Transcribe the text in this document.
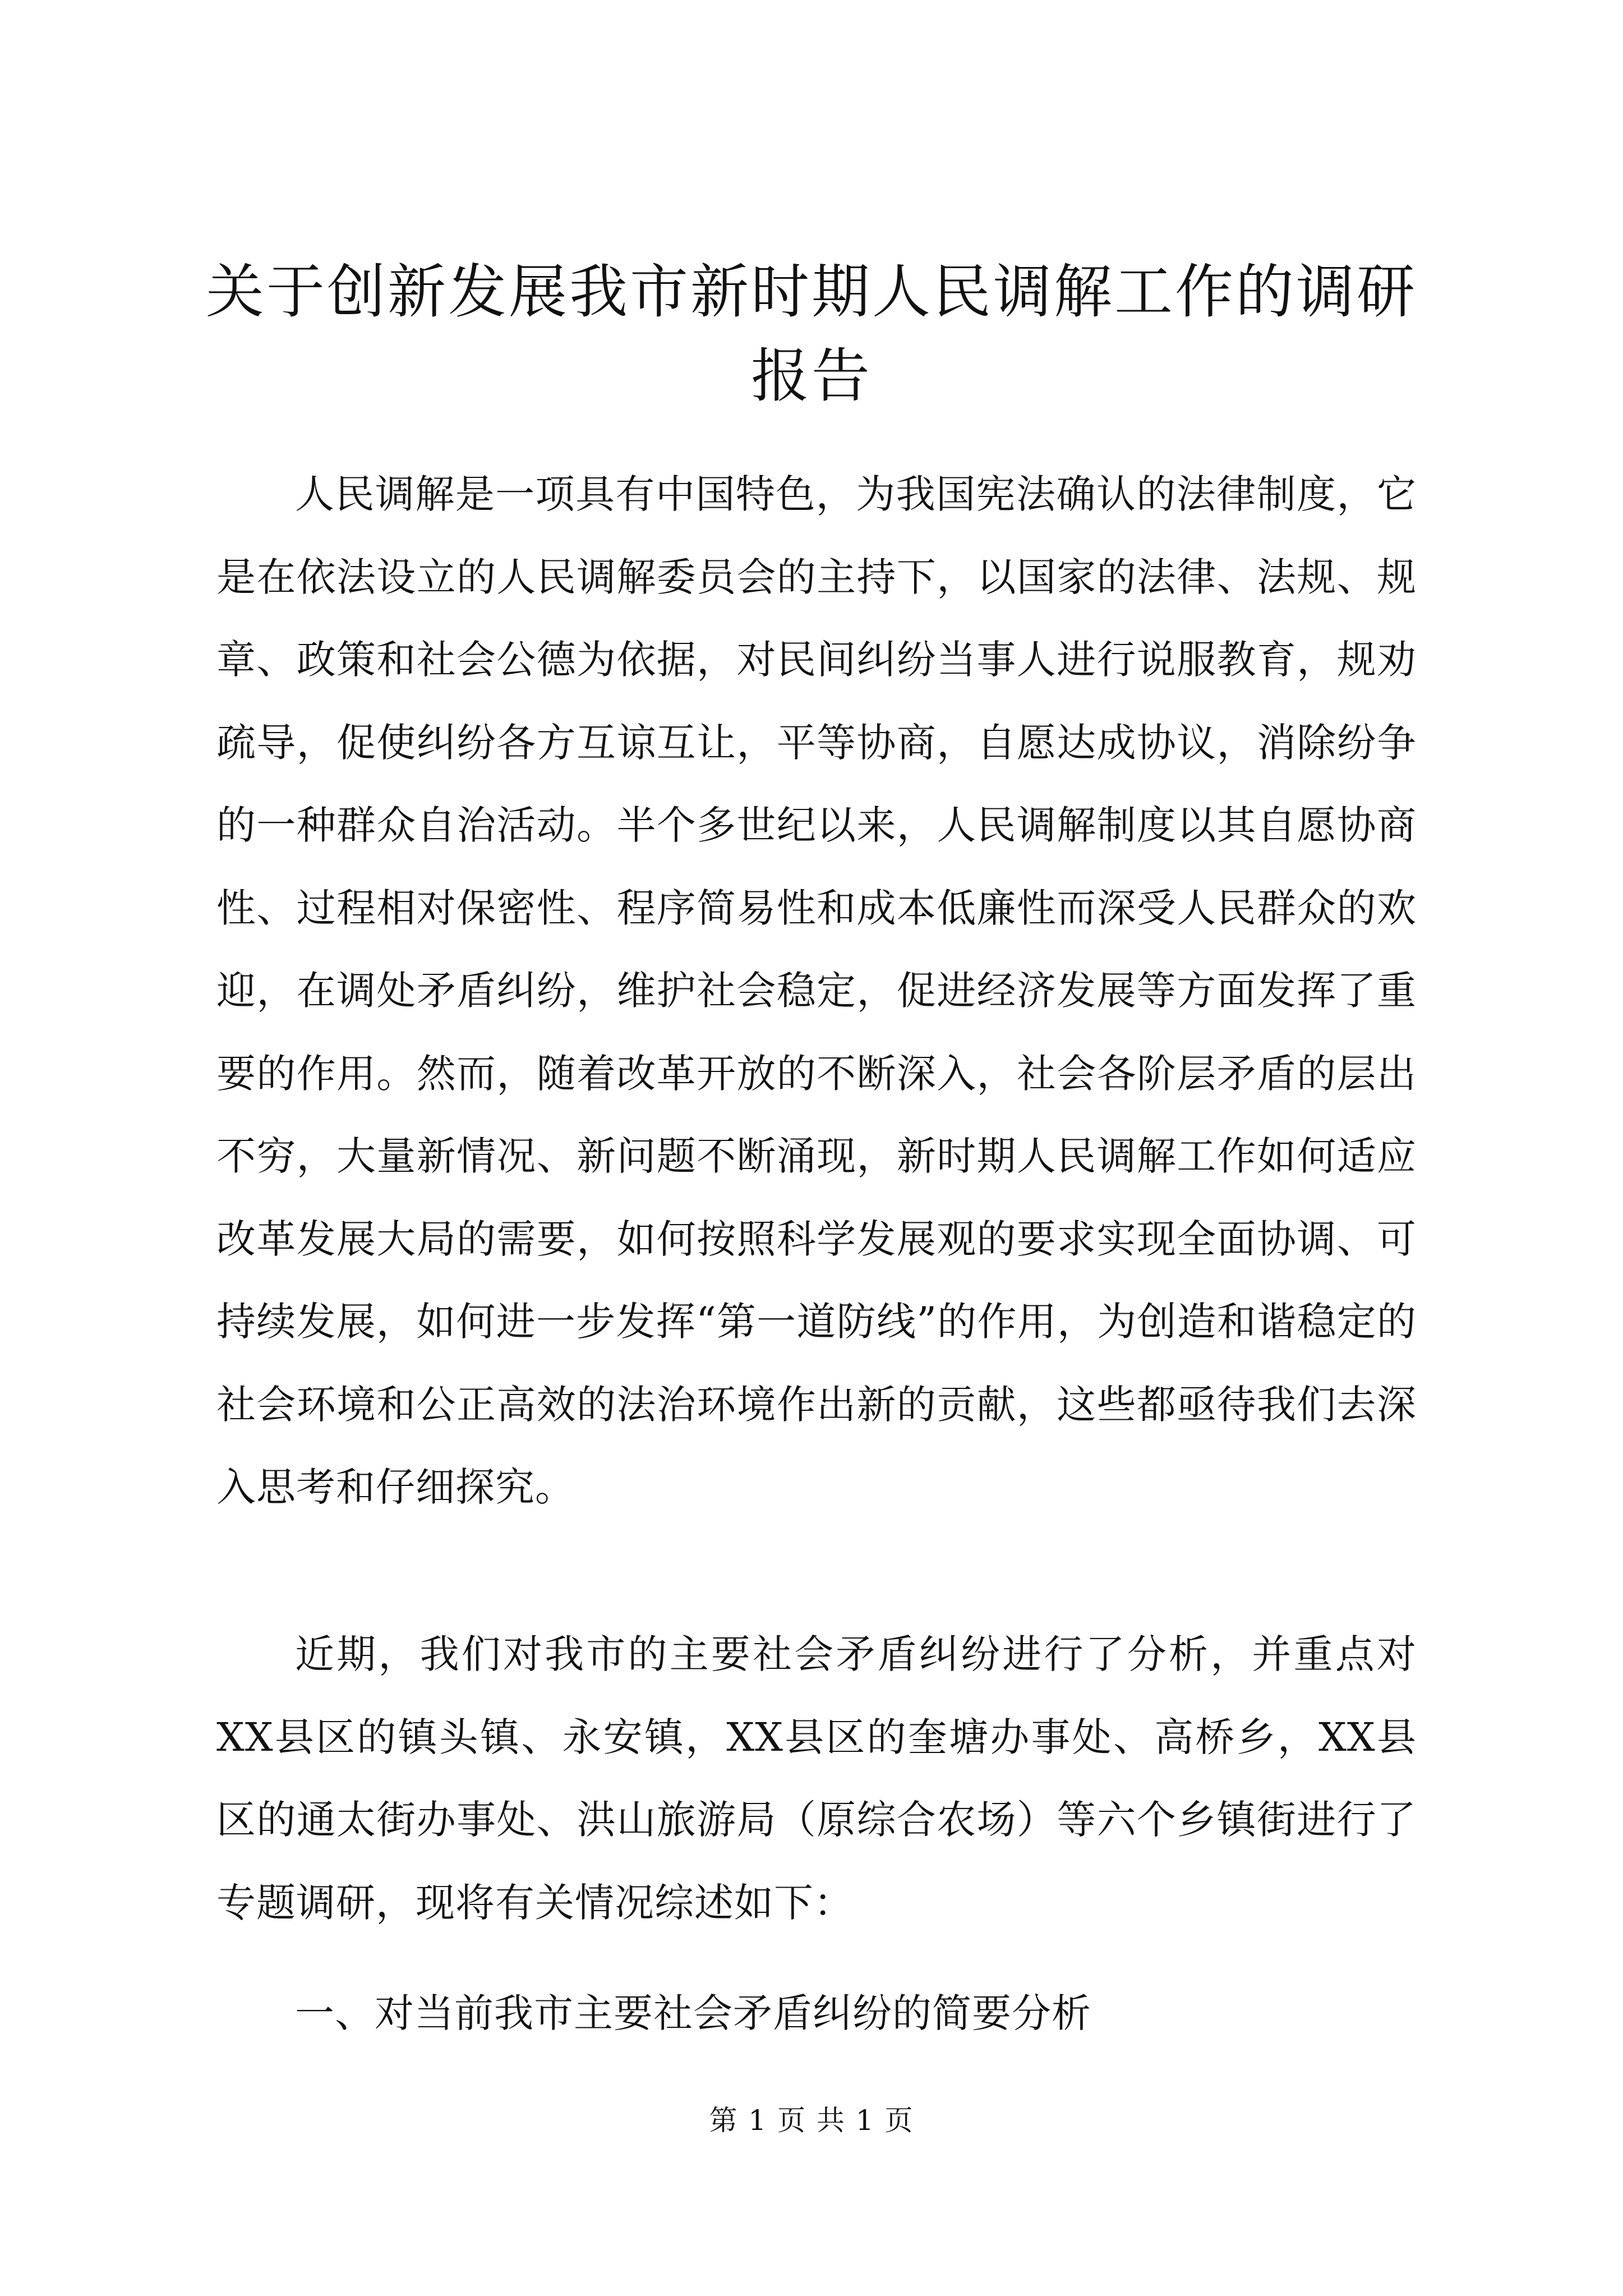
关于创新发展我市新时期人民调解工作的调研报告

人民调解是一项具有中国特色，为我国宪法确认的法律制度，它是在依法设立的人民调解委员会的主持下，以国家的法律、法规、规章、政策和社会公德为依据，对民间纠纷当事人进行说服教育，规劝疏导，促使纠纷各方互谅互让，平等协商，自愿达成协议，消除纷争的一种群众自治活动。半个多世纪以来，人民调解制度以其自愿协商性、过程相对保密性、程序简易性和成本低廉性而深受人民群众的欢迎，在调处矛盾纠纷，维护社会稳定，促进经济发展等方面发挥了重要的作用。然而，随着改革开放的不断深入，社会各阶层矛盾的层出不穷，大量新情况、新问题不断涌现，新时期人民调解工作如何适应改革发展大局的需要，如何按照科学发展观的要求实现全面协调、可持续发展，如何进一步发挥“第一道防线”的作用，为创造和谐稳定的社会环境和公正高效的法治环境作出新的贡献，这些都亟待我们去深入思考和仔细探究。

近期，我们对我市的主要社会矛盾纠纷进行了分析，并重点对XX县区的镇头镇、永安镇，XX县区的奎塘办事处、高桥乡，XX县区的通太街办事处、洪山旅游局（原综合农场）等六个乡镇街进行了专题调研，现将有关情况综述如下：

一、对当前我市主要社会矛盾纠纷的简要分析

第 1 页 共 1 页
